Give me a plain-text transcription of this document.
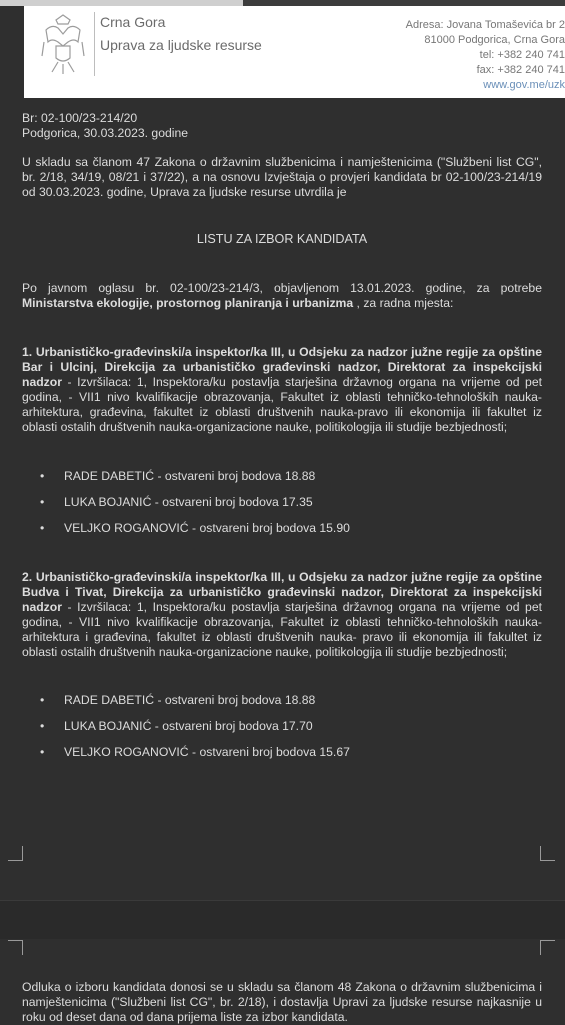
Crna Gora
Uprava za ljudske resurse
Adresa: Jovana Tomaševića br 2
81000 Podgorica, Crna Gora
tel: +382 240 741
fax: +382 240 741
www.gov.me/uzk
Br: 02-100/23-214/20
Podgorica, 30.03.2023. godine
U skladu sa članom 47 Zakona o državnim službenicima i namještenicima ("Službeni list CG", br. 2/18, 34/19, 08/21 i 37/22), a na osnovu Izvještaja o provjeri kandidata br 02-100/23-214/19 od 30.03.2023. godine, Uprava za ljudske resurse utvrdila je
LISTU ZA IZBOR KANDIDATA
Po javnom oglasu br. 02-100/23-214/3, objavljenom 13.01.2023. godine, za potrebe Ministarstva ekologije, prostornog planiranja i urbanizma , za radna mjesta:
1. Urbanističko-građevinski/a inspektor/ka III, u Odsjeku za nadzor južne regije za opštine Bar i Ulcinj, Direkcija za urbanističko građevinski nadzor, Direktorat za inspekcijski nadzor - Izvršilaca: 1, Inspektora/ku postavlja starješina državnog organa na vrijeme od pet godina, - VII1 nivo kvalifikacije obrazovanja, Fakultet iz oblasti tehničko-tehnoloških nauka- arhitektura, građevina, fakultet iz oblasti društvenih nauka-pravo ili ekonomija ili fakultet iz oblasti ostalih društvenih nauka-organizacione nauke, politikologija ili studije bezbjednosti;
• RADE DABETIĆ - ostvareni broj bodova 18.88
• LUKA BOJANIĆ - ostvareni broj bodova 17.35
• VELJKO ROGANOVIĆ - ostvareni broj bodova 15.90
2. Urbanističko-građevinski/a inspektor/ka III, u Odsjeku za nadzor južne regije za opštine Budva i Tivat, Direkcija za urbanističko građevinski nadzor, Direktorat za inspekcijski nadzor - Izvršilaca: 1, Inspektora/ku postavlja starješina državnog organa na vrijeme od pet godina, - VII1 nivo kvalifikacije obrazovanja, Fakultet iz oblasti tehničko-tehnoloških nauka-arhitektura i građevina, fakultet iz oblasti društvenih nauka- pravo ili ekonomija ili fakultet iz oblasti ostalih društvenih nauka-organizacione nauke, politikologija ili studije bezbjednosti;
• RADE DABETIĆ - ostvareni broj bodova 18.88
• LUKA BOJANIĆ - ostvareni broj bodova 17.70
• VELJKO ROGANOVIĆ - ostvareni broj bodova 15.67
Odluka o izboru kandidata donosi se u skladu sa članom 48 Zakona o državnim službenicima i namještenicima ("Službeni list CG", br. 2/18), i dostavlja Upravi za ljudske resurse najkasnije u roku od deset dana od dana prijema liste za izbor kandidata.
